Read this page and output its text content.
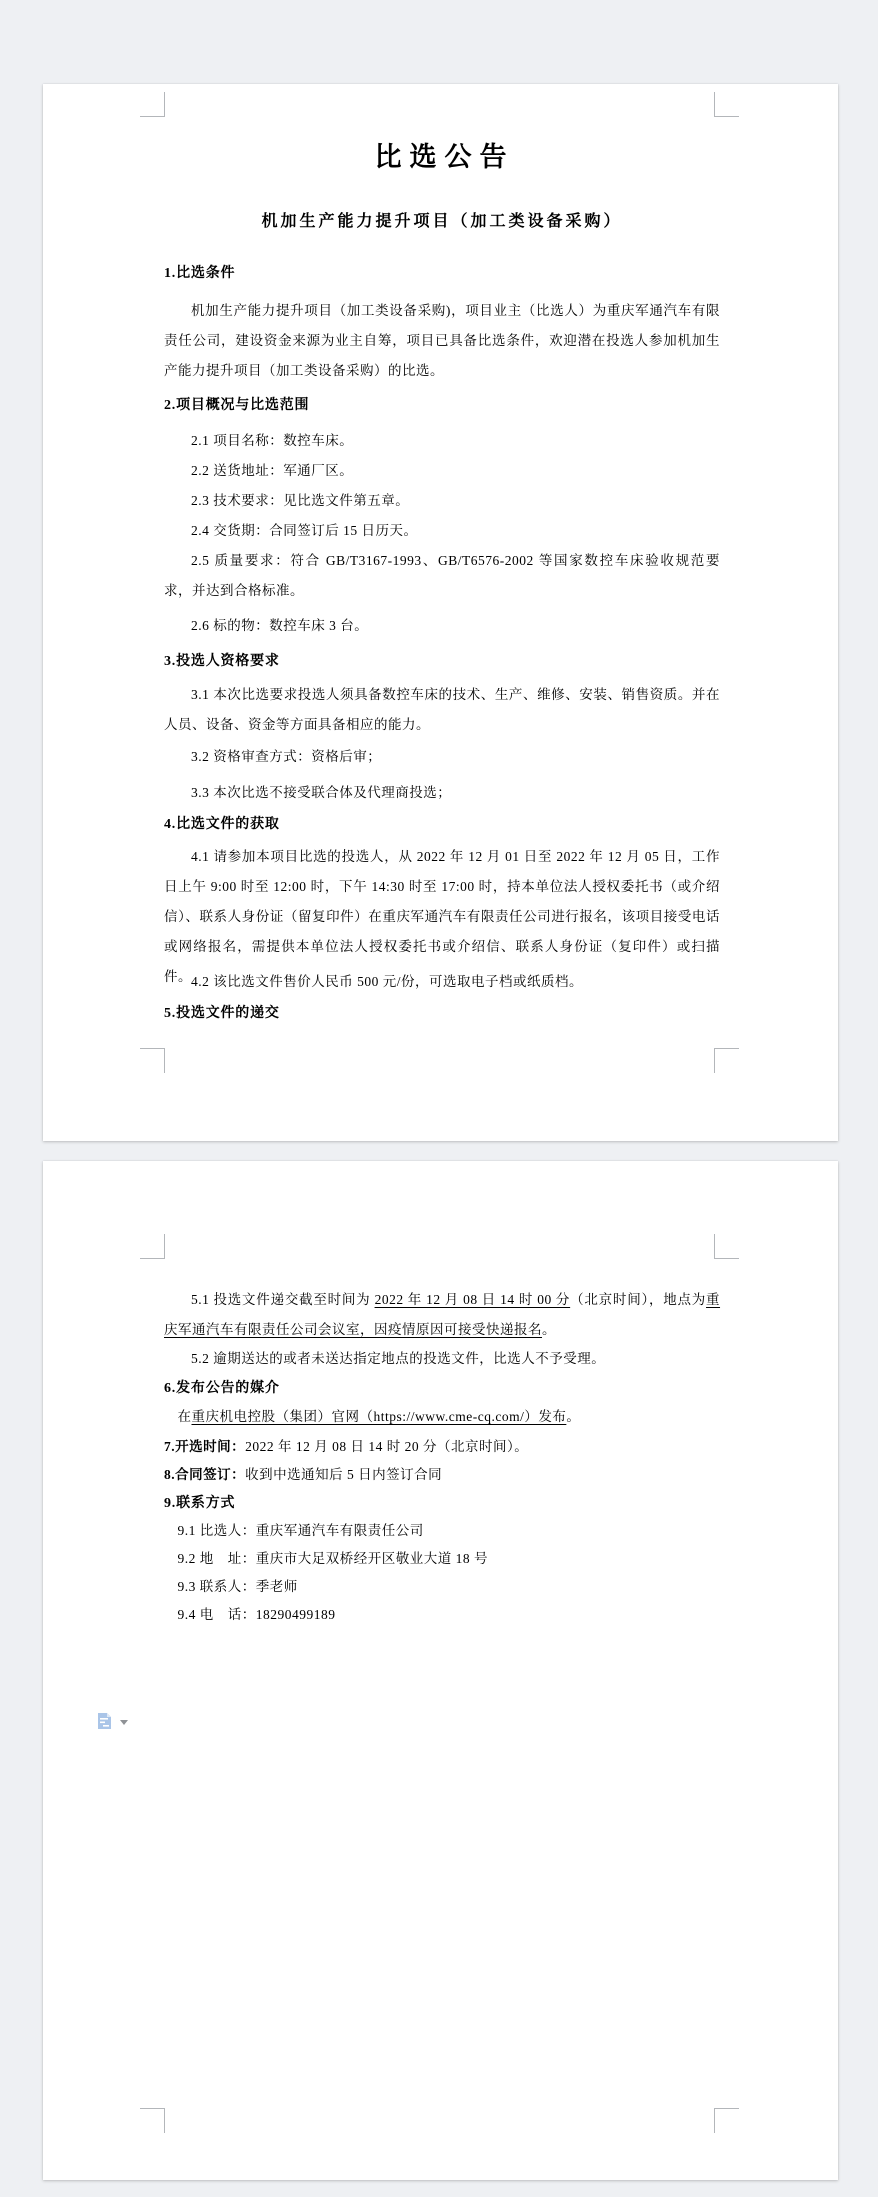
比选公告
机加生产能力提升项目（加工类设备采购）
1.比选条件
机加生产能力提升项目（加工类设备采购)，项目业主（比选人）为重庆军通汽车有限责任公司，建设资金来源为业主自筹，项目已具备比选条件，欢迎潜在投选人参加机加生产能力提升项目（加工类设备采购）的比选。
2.项目概况与比选范围
2.1 项目名称：数控车床。
2.2 送货地址：军通厂区。
2.3 技术要求：见比选文件第五章。
2.4 交货期：合同签订后 15 日历天。
2.5 质量要求：符合 GB/T3167-1993、GB/T6576-2002 等国家数控车床验收规范要求，并达到合格标准。
2.6 标的物：数控车床 3 台。
3.投选人资格要求
3.1 本次比选要求投选人须具备数控车床的技术、生产、维修、安装、销售资质。并在人员、设备、资金等方面具备相应的能力。
3.2 资格审查方式：资格后审；
3.3 本次比选不接受联合体及代理商投选；
4.比选文件的获取
4.1 请参加本项目比选的投选人，从 2022 年 12 月 01 日至 2022 年 12 月 05 日，工作日上午 9:00 时至 12:00 时，下午 14:30 时至 17:00 时，持本单位法人授权委托书（或介绍信）、联系人身份证（留复印件）在重庆军通汽车有限责任公司进行报名，该项目接受电话或网络报名，需提供本单位法人授权委托书或介绍信、联系人身份证（复印件）或扫描件。 4.2 该比选文件售价人民币 500 元/份，可选取电子档或纸质档。
5.投选文件的递交
5.1 投选文件递交截至时间为 2022 年 12 月 08 日 14 时 00 分（北京时间），地点为重庆军通汽车有限责任公司会议室，因疫情原因可接受快递报名。
5.2 逾期送达的或者未送达指定地点的投选文件，比选人不予受理。
6.发布公告的媒介
在重庆机电控股（集团）官网（https://www.cme-cq.com/）发布。
7.开选时间：2022 年 12 月 08 日 14 时 20 分（北京时间）。
8.合同签订：收到中选通知后 5 日内签订合同
9.联系方式
9.1 比选人：重庆军通汽车有限责任公司
9.2 地　址：重庆市大足双桥经开区敬业大道 18 号
9.3 联系人：季老师
9.4 电　话：18290499189
